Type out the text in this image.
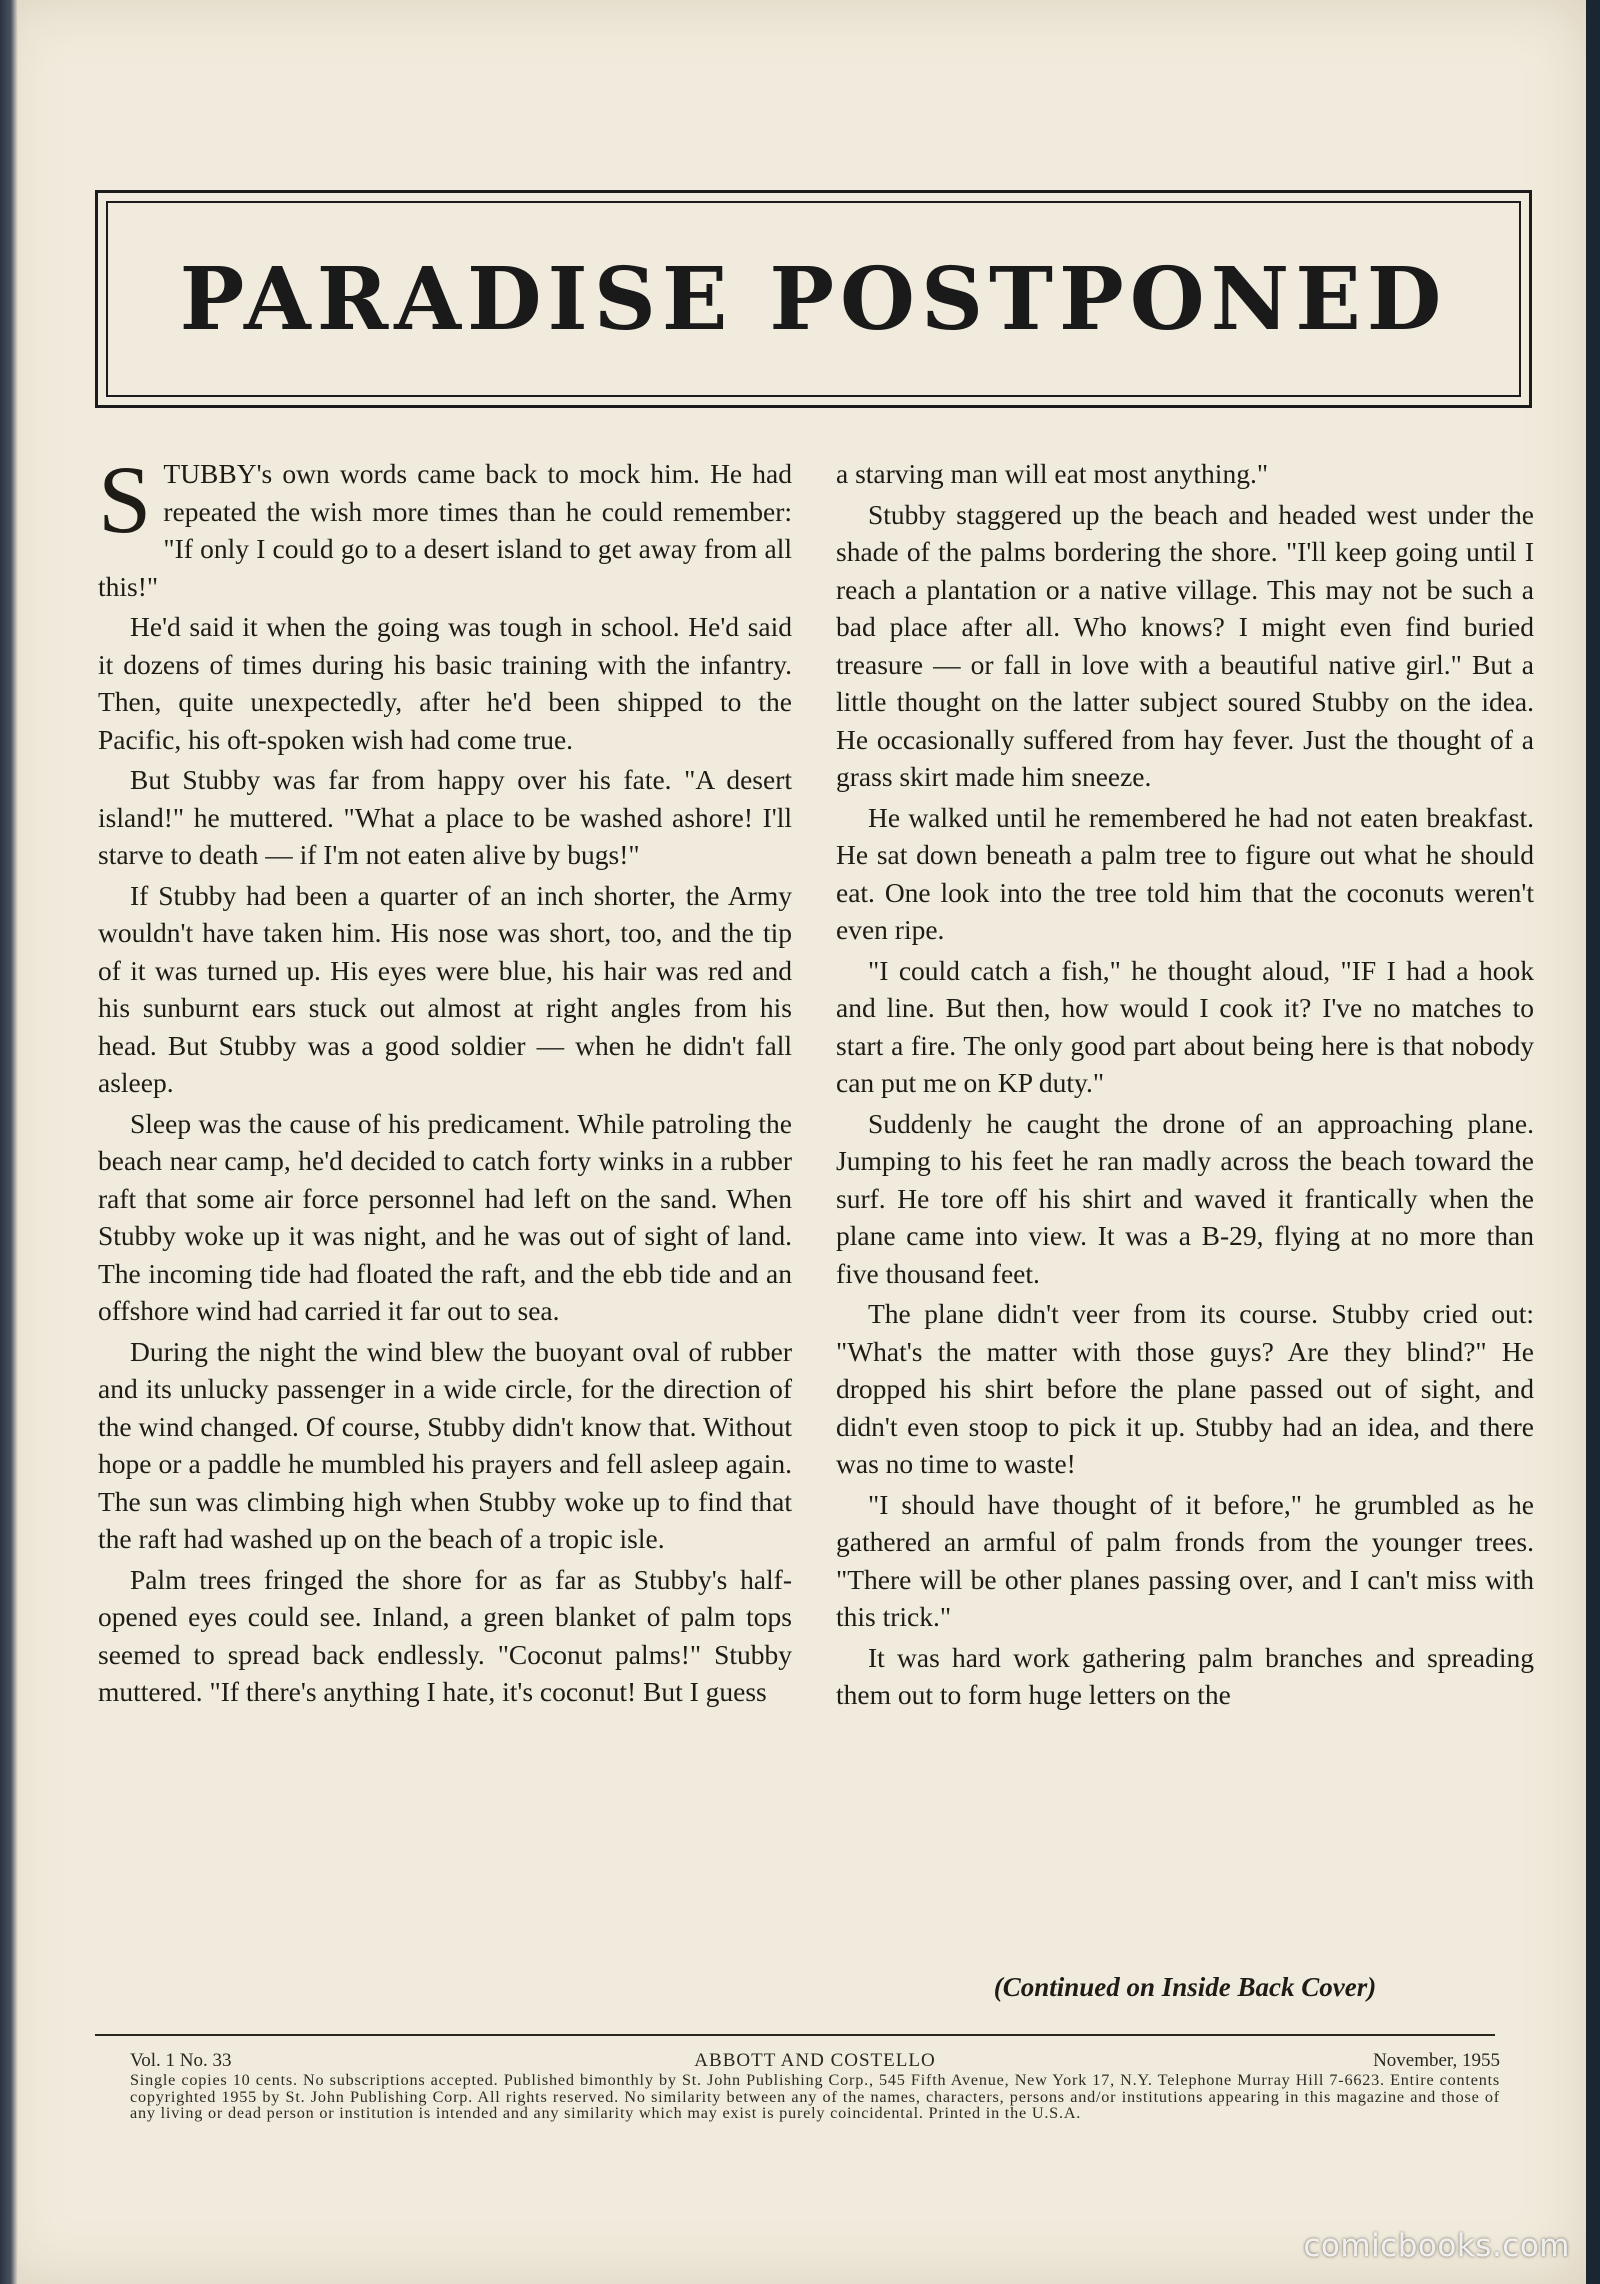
PARADISE POSTPONED

STUBBY's own words came back to mock him. He had repeated the wish more times than he could remember: "If only I could go to a desert island to get away from all this!"

He'd said it when the going was tough in school. He'd said it dozens of times during his basic training with the infantry. Then, quite unexpectedly, after he'd been shipped to the Pacific, his oft-spoken wish had come true.

But Stubby was far from happy over his fate. "A desert island!" he muttered. "What a place to be washed ashore! I'll starve to death — if I'm not eaten alive by bugs!"

If Stubby had been a quarter of an inch shorter, the Army wouldn't have taken him. His nose was short, too, and the tip of it was turned up. His eyes were blue, his hair was red and his sunburnt ears stuck out almost at right angles from his head. But Stubby was a good soldier — when he didn't fall asleep.

Sleep was the cause of his predicament. While patroling the beach near camp, he'd decided to catch forty winks in a rubber raft that some air force personnel had left on the sand. When Stubby woke up it was night, and he was out of sight of land. The incoming tide had floated the raft, and the ebb tide and an offshore wind had carried it far out to sea.

During the night the wind blew the buoyant oval of rubber and its unlucky passenger in a wide circle, for the direction of the wind changed. Of course, Stubby didn't know that. Without hope or a paddle he mumbled his prayers and fell asleep again. The sun was climbing high when Stubby woke up to find that the raft had washed up on the beach of a tropic isle.

Palm trees fringed the shore for as far as Stubby's half-opened eyes could see. Inland, a green blanket of palm tops seemed to spread back endlessly. "Coconut palms!" Stubby muttered. "If there's anything I hate, it's coconut! But I guess

a starving man will eat most anything."

Stubby staggered up the beach and headed west under the shade of the palms bordering the shore. "I'll keep going until I reach a plantation or a native village. This may not be such a bad place after all. Who knows? I might even find buried treasure — or fall in love with a beautiful native girl." But a little thought on the latter subject soured Stubby on the idea. He occasionally suffered from hay fever. Just the thought of a grass skirt made him sneeze.

He walked until he remembered he had not eaten breakfast. He sat down beneath a palm tree to figure out what he should eat. One look into the tree told him that the coconuts weren't even ripe.

"I could catch a fish," he thought aloud, "IF I had a hook and line. But then, how would I cook it? I've no matches to start a fire. The only good part about being here is that nobody can put me on KP duty."

Suddenly he caught the drone of an approaching plane. Jumping to his feet he ran madly across the beach toward the surf. He tore off his shirt and waved it frantically when the plane came into view. It was a B-29, flying at no more than five thousand feet.

The plane didn't veer from its course. Stubby cried out: "What's the matter with those guys? Are they blind?" He dropped his shirt before the plane passed out of sight, and didn't even stoop to pick it up. Stubby had an idea, and there was no time to waste!

"I should have thought of it before," he grumbled as he gathered an armful of palm fronds from the younger trees. "There will be other planes passing over, and I can't miss with this trick."

It was hard work gathering palm branches and spreading them out to form huge letters on the

(Continued on Inside Back Cover)
Vol. 1 No. 33	ABBOTT AND COSTELLO	November, 1955
Single copies 10 cents. No subscriptions accepted. Published bimonthly by St. John Publishing Corp., 545 Fifth Avenue, New York 17, N.Y. Telephone Murray Hill 7-6623. Entire contents copyrighted 1955 by St. John Publishing Corp. All rights reserved. No similarity between any of the names, characters, persons and/or institutions appearing in this magazine and those of any living or dead person or institution is intended and any similarity which may exist is purely coincidental. Printed in the U.S.A.
comicbooks.com
